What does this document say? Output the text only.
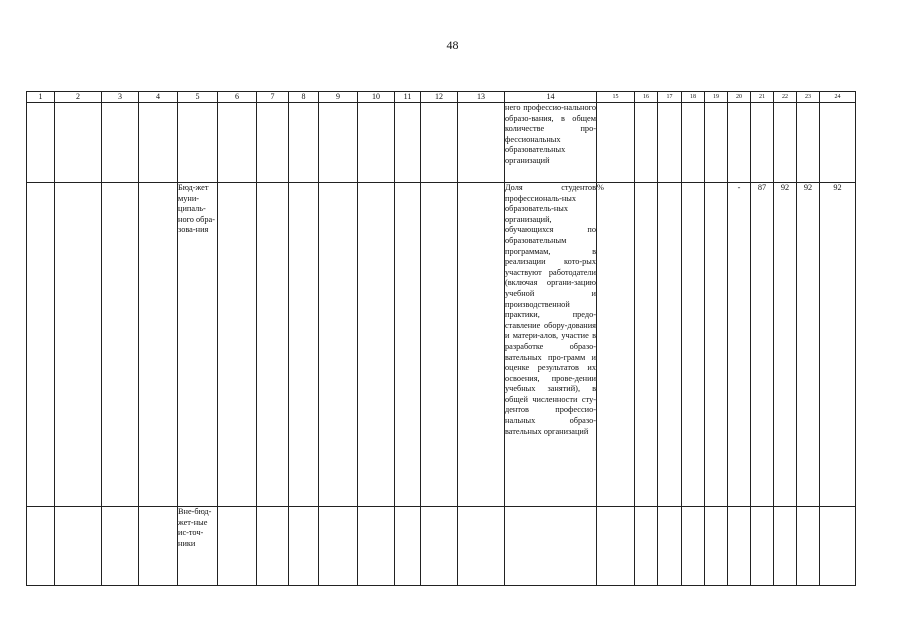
48
1	2	3	4	5	6	7	8	9	10	11	12	13	14	15	16	17	18	19	20	21	22	23	24
													него профессио-нального образо-вания, в общем количестве про-фессиональных образовательных организаций										
				Бюд-жет муни-ципаль-ного обра-зова-ния									Доля студентов профессиональ-ных образователь-ных организаций, обучающихся по образовательным программам, в реализации кото-рых участвуют работодатели (включая органи-зацию учебной и производственной практики, предо-ставление обору-дования и матери-алов, участие в разработке образо-вательных про-грамм и оценке результатов их освоения, прове-дении учебных занятий), в общей численности сту-дентов профессио-нальных образо-вательных организаций	%					-	87	92	92	92
				Вне-бюд-жет-ные ис-точ-ники																			
